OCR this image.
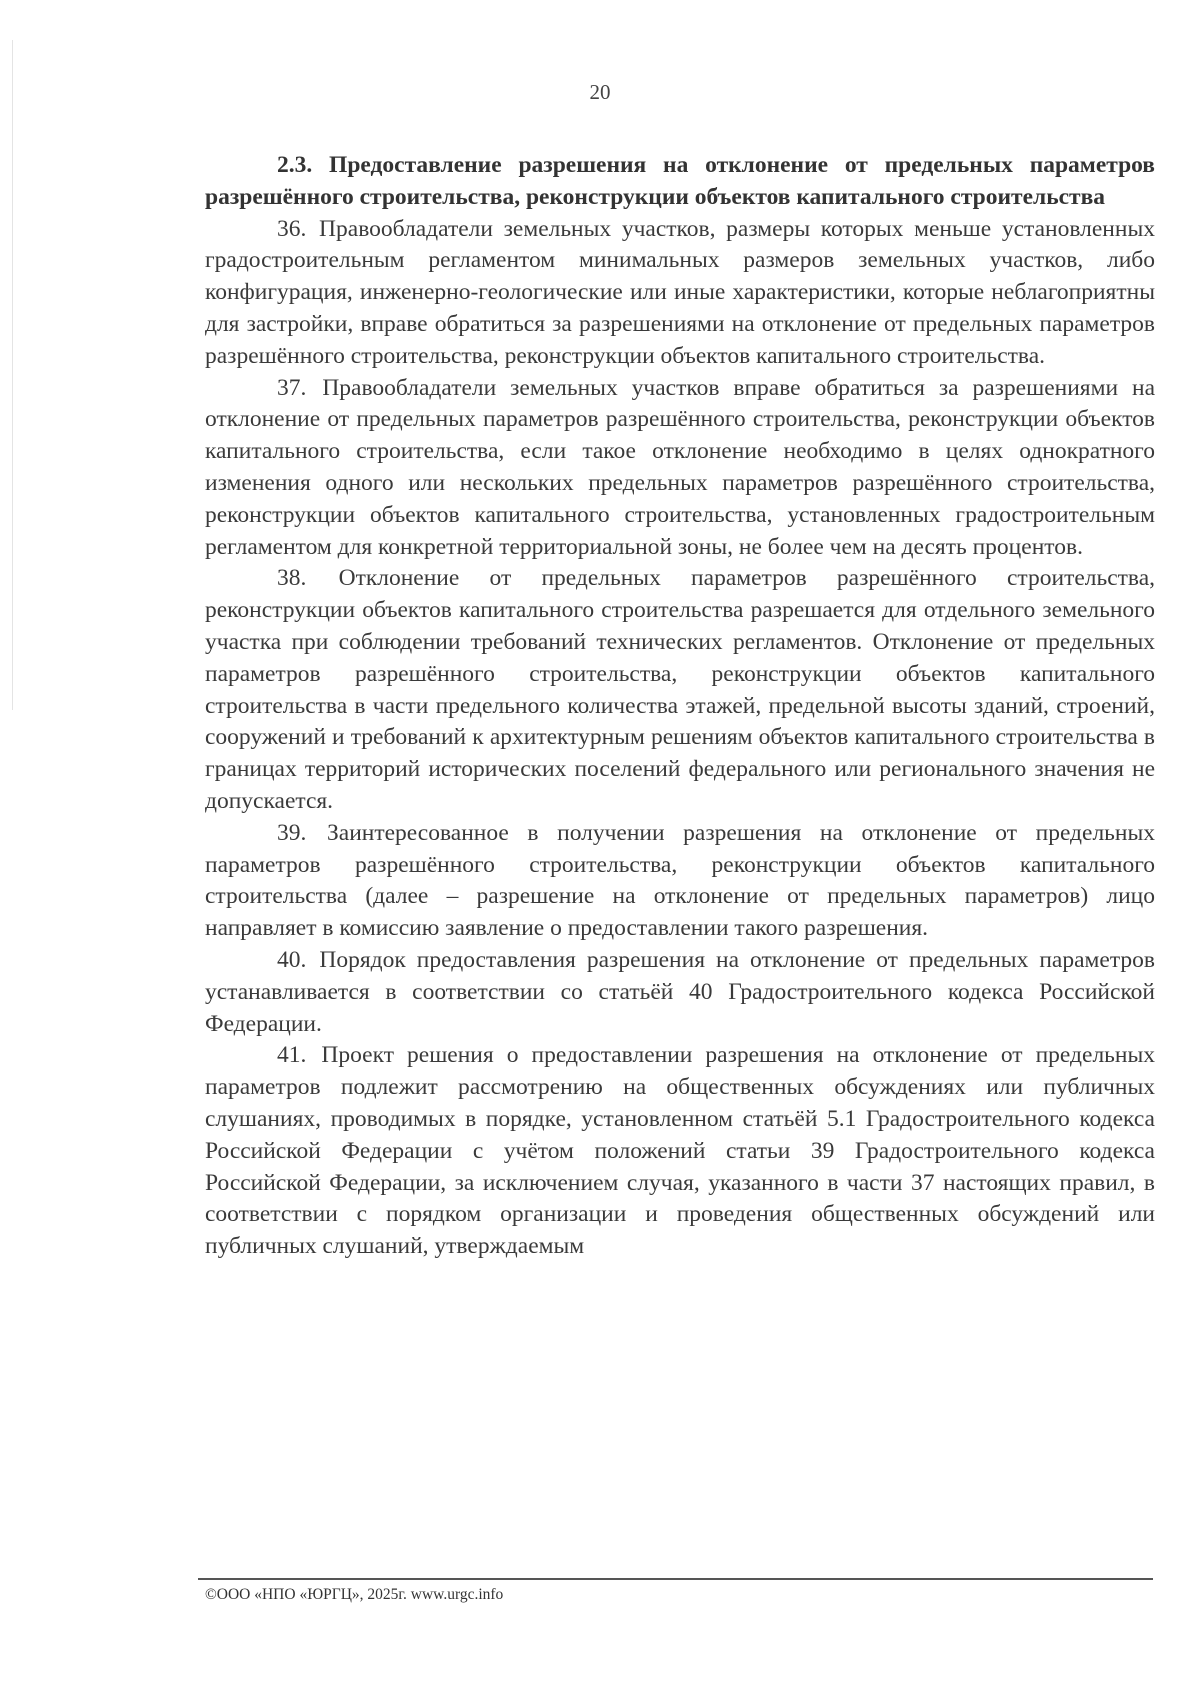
20

2.3. Предоставление разрешения на отклонение от предельных параметров разрешённого строительства, реконструкции объектов капитального строительства

36. Правообладатели земельных участков, размеры которых меньше установленных градостроительным регламентом минимальных размеров земельных участков, либо конфигурация, инженерно-геологические или иные характеристики, которые неблагоприятны для застройки, вправе обратиться за разрешениями на отклонение от предельных параметров разрешённого строительства, реконструкции объектов капитального строительства.

37. Правообладатели земельных участков вправе обратиться за разрешениями на отклонение от предельных параметров разрешённого строительства, реконструкции объектов капитального строительства, если такое отклонение необходимо в целях однократного изменения одного или нескольких предельных параметров разрешённого строительства, реконструкции объектов капитального строительства, установленных градостроительным регламентом для конкретной территориальной зоны, не более чем на десять процентов.

38. Отклонение от предельных параметров разрешённого строительства, реконструкции объектов капитального строительства разрешается для отдельного земельного участка при соблюдении требований технических регламентов. Отклонение от предельных параметров разрешённого строительства, реконструкции объектов капитального строительства в части предельного количества этажей, предельной высоты зданий, строений, сооружений и требований к архитектурным решениям объектов капитального строительства в границах территорий исторических поселений федерального или регионального значения не допускается.

39. Заинтересованное в получении разрешения на отклонение от предельных параметров разрешённого строительства, реконструкции объектов капитального строительства (далее – разрешение на отклонение от предельных параметров) лицо направляет в комиссию заявление о предоставлении такого разрешения.

40. Порядок предоставления разрешения на отклонение от предельных параметров устанавливается в соответствии со статьёй 40 Градостроительного кодекса Российской Федерации.

41. Проект решения о предоставлении разрешения на отклонение от предельных параметров подлежит рассмотрению на общественных обсуждениях или публичных слушаниях, проводимых в порядке, установленном статьёй 5.1 Градостроительного кодекса Российской Федерации с учётом положений статьи 39 Градостроительного кодекса Российской Федерации, за исключением случая, указанного в части 37 настоящих правил, в соответствии с порядком организации и проведения общественных обсуждений или публичных слушаний, утверждаемым

©ООО «НПО «ЮРГЦ», 2025г. www.urgc.info
